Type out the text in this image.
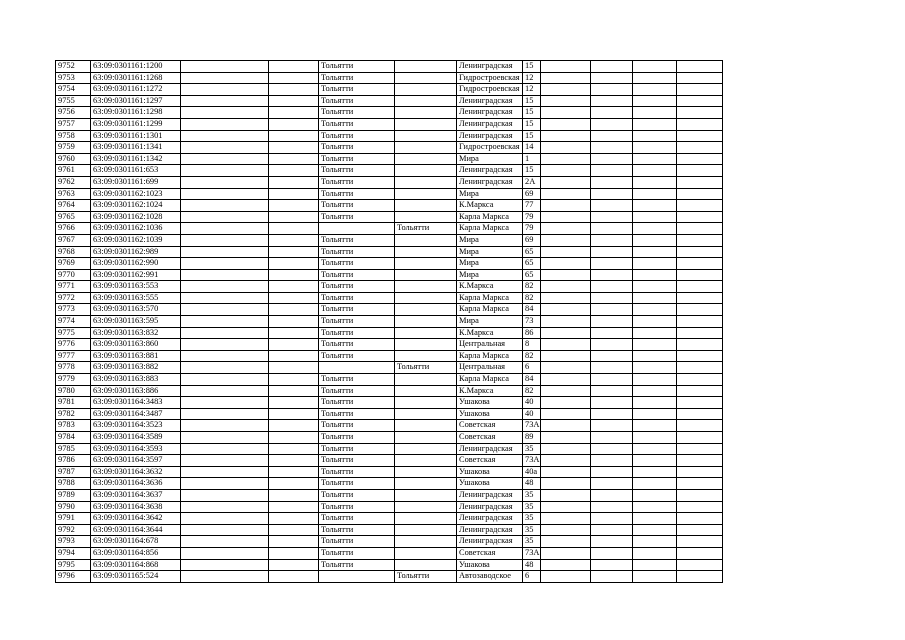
9752	63:09:0301161:1200			Тольятти		Ленинградская	15				
9753	63:09:0301161:1268			Тольятти		Гидростроевская	12				
9754	63:09:0301161:1272			Тольятти		Гидростроевская	12				
9755	63:09:0301161:1297			Тольятти		Ленинградская	15				
9756	63:09:0301161:1298			Тольятти		Ленинградская	15				
9757	63:09:0301161:1299			Тольятти		Ленинградская	15				
9758	63:09:0301161:1301			Тольятти		Ленинградская	15				
9759	63:09:0301161:1341			Тольятти		Гидростроевская	14				
9760	63:09:0301161:1342			Тольятти		Мира	1				
9761	63:09:0301161:653			Тольятти		Ленинградская	15				
9762	63:09:0301161:699			Тольятти		Ленинградская	2А				
9763	63:09:0301162:1023			Тольятти		Мира	69				
9764	63:09:0301162:1024			Тольятти		К.Маркса	77				
9765	63:09:0301162:1028			Тольятти		Карла Маркса	79				
9766	63:09:0301162:1036				Тольятти	Карла Маркса	79				
9767	63:09:0301162:1039			Тольятти		Мира	69				
9768	63:09:0301162:989			Тольятти		Мира	65				
9769	63:09:0301162:990			Тольятти		Мира	65				
9770	63:09:0301162:991			Тольятти		Мира	65				
9771	63:09:0301163:553			Тольятти		К.Маркса	82				
9772	63:09:0301163:555			Тольятти		Карла Маркса	82				
9773	63:09:0301163:570			Тольятти		Карла Маркса	84				
9774	63:09:0301163:595			Тольятти		Мира	73				
9775	63:09:0301163:832			Тольятти		К.Маркса	86				
9776	63:09:0301163:860			Тольятти		Центральная	8				
9777	63:09:0301163:881			Тольятти		Карла Маркса	82				
9778	63:09:0301163:882				Тольятти	Центральная	6				
9779	63:09:0301163:883			Тольятти		Карла Маркса	84				
9780	63:09:0301163:886			Тольятти		К.Маркса	82				
9781	63:09:0301164:3483			Тольятти		Ушакова	40				
9782	63:09:0301164:3487			Тольятти		Ушакова	40				
9783	63:09:0301164:3523			Тольятти		Советская	73А				
9784	63:09:0301164:3589			Тольятти		Советская	89				
9785	63:09:0301164:3593			Тольятти		Ленинградская	35				
9786	63:09:0301164:3597			Тольятти		Советская	73А				
9787	63:09:0301164:3632			Тольятти		Ушакова	40а				
9788	63:09:0301164:3636			Тольятти		Ушакова	48				
9789	63:09:0301164:3637			Тольятти		Ленинградская	35				
9790	63:09:0301164:3638			Тольятти		Ленинградская	35				
9791	63:09:0301164:3642			Тольятти		Ленинградская	35				
9792	63:09:0301164:3644			Тольятти		Ленинградская	35				
9793	63:09:0301164:678			Тольятти		Ленинградская	35				
9794	63:09:0301164:856			Тольятти		Советская	73А				
9795	63:09:0301164:868			Тольятти		Ушакова	48				
9796	63:09:0301165:524				Тольятти	Автозаводское	6				
